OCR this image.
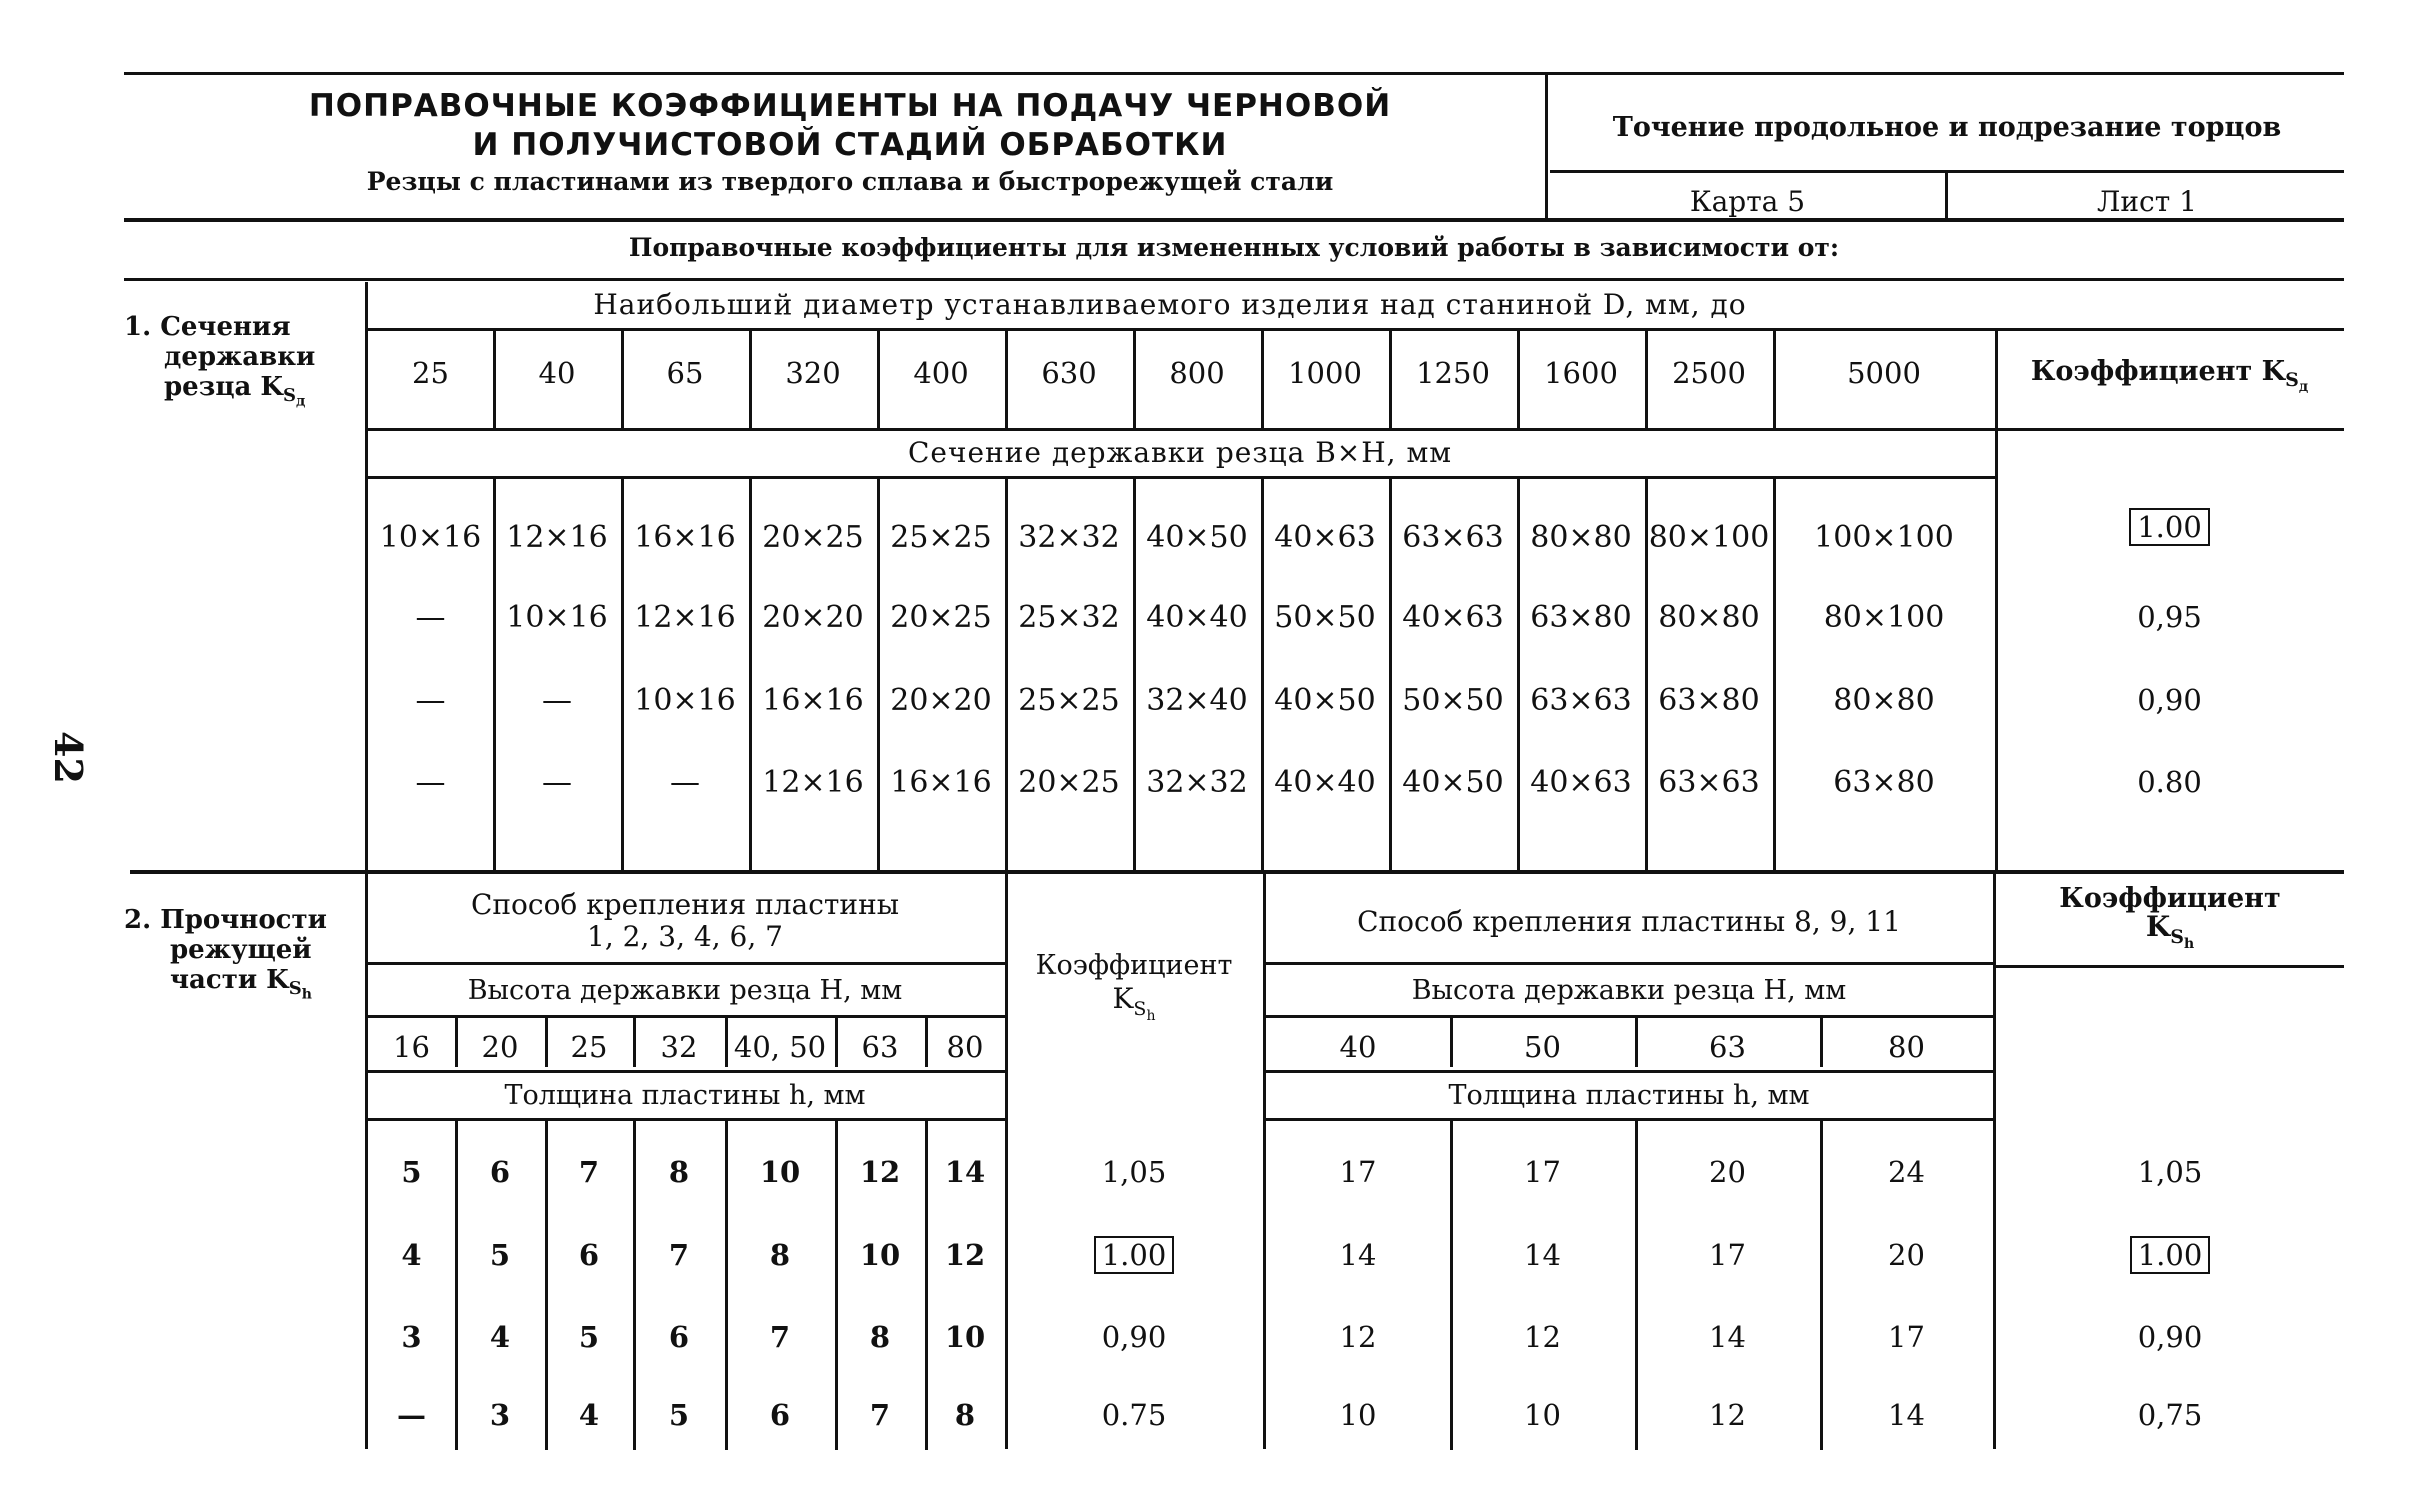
ПОПРАВОЧНЫЕ КОЭФФИЦИЕНТЫ НА ПОДАЧУ ЧЕРНОВОЙ
И ПОЛУЧИСТОВОЙ СТАДИЙ ОБРАБОТКИ
Резцы с пластинами из твердого сплава и быстрорежущей стали
Точение продольное и подрезание торцов
Карта 5	Лист 1
Поправочные коэффициенты для измененных условий работы в зависимости от:
42
1. Сечения
державки
резца $K_{S_д}$
Наибольший диаметр устанавливаемого изделия над станиной D, мм, до
25	40	65	320	400	630	800	1000	1250	1600	2500	5000
10×16 12×16 16×16 20×25 25×25 32×32 40×50 40×63 63×63 80×80 80×100	100×100	1.00
—	10×16 12×16 20×20 20×25 25×32 40×40 50×50 40×63 63×80 80×80	80×100	0,95
—	—	10×16 16×16 20×20 25×25 32×40 40×50 50×50 63×63 63×80	80×80	0,90
—	—	—	12×16 16×16 20×25 32×32 40×40 40×50 40×63 63×63	63×80	0.80
Коэффициент $K_{S_д}$
Сечение державки резца B×H, мм
2. Прочности
режущей
части $K_{S_h}$
Способ крепления пластины
1, 2, 3, 4, 6, 7
Высота державки резца H, мм
Коэффициент
$K_{S_h}$
Способ крепления пластины 8, 9, 11
Высота державки резца H, мм
Коэффициент
$K_{S_h}$
Толщина пластины h, мм	Толщина пластины h, мм
16	20	25	32	40, 50	63	80	40	50	63	80
5	6	7	8	10	12	14	1,05	17	17	20	24	1,05
4	5	6	7	8	10	12	1.00	14	14	17	20	1.00
3	4	5	6	7	8	10	0,90	12	12	14	17	0,90
—	3	4	5	6	7	8	0.75	10	10	12	14	0,75
